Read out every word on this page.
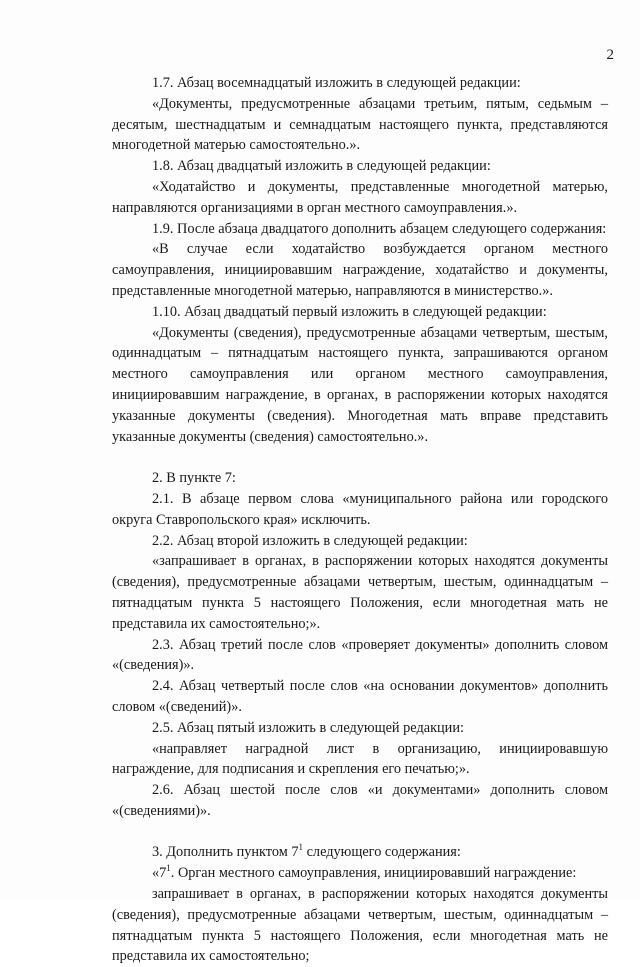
2

1.7. Абзац восемнадцатый изложить в следующей редакции:

«Документы, предусмотренные абзацами третьим, пятым, седьмым – десятым, шестнадцатым и семнадцатым настоящего пункта, представляются многодетной матерью самостоятельно.».

1.8. Абзац двадцатый изложить в следующей редакции:

«Ходатайство и документы, представленные многодетной матерью, направляются организациями в орган местного самоуправления.».

1.9. После абзаца двадцатого дополнить абзацем следующего содержания:

«В случае если ходатайство возбуждается органом местного самоуправления, инициировавшим награждение, ходатайство и документы, представленные многодетной матерью, направляются в министерство.».

1.10. Абзац двадцатый первый изложить в следующей редакции:

«Документы (сведения), предусмотренные абзацами четвертым, шестым, одиннадцатым – пятнадцатым настоящего пункта, запрашиваются органом местного самоуправления или органом местного самоуправления, инициировавшим награждение, в органах, в распоряжении которых находятся указанные документы (сведения). Многодетная мать вправе представить указанные документы (сведения) самостоятельно.».

2. В пункте 7:

2.1. В абзаце первом слова «муниципального района или городского округа Ставропольского края» исключить.

2.2. Абзац второй изложить в следующей редакции:

«запрашивает в органах, в распоряжении которых находятся документы (сведения), предусмотренные абзацами четвертым, шестым, одиннадцатым – пятнадцатым пункта 5 настоящего Положения, если многодетная мать не представила их самостоятельно;».

2.3. Абзац третий после слов «проверяет документы» дополнить словом «(сведения)».

2.4. Абзац четвертый после слов «на основании документов» дополнить словом «(сведений)».

2.5. Абзац пятый изложить в следующей редакции:

«направляет наградной лист в организацию, инициировавшую награждение, для подписания и скрепления его печатью;».

2.6. Абзац шестой после слов «и документами» дополнить словом «(сведениями)».

3. Дополнить пунктом $7^1$ следующего содержания:

«$7^1$. Орган местного самоуправления, инициировавший награждение:

запрашивает в органах, в распоряжении которых находятся документы (сведения), предусмотренные абзацами четвертым, шестым, одиннадцатым – пятнадцатым пункта 5 настоящего Положения, если многодетная мать не представила их самостоятельно;
